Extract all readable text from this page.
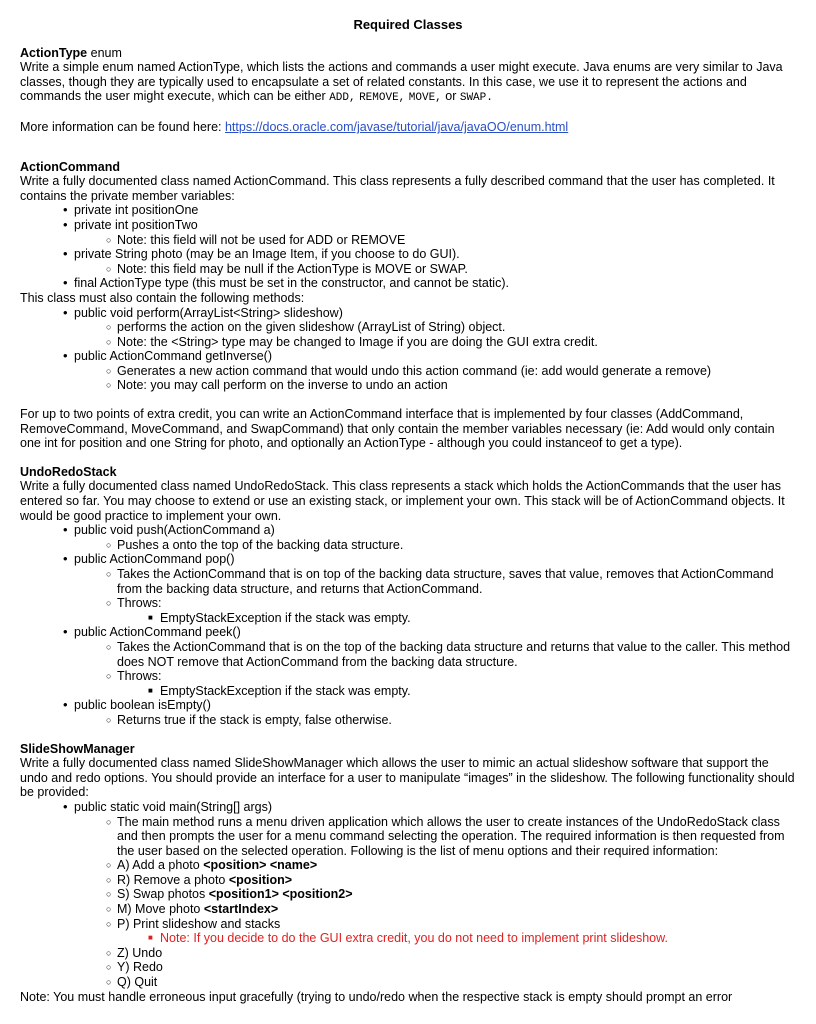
Required Classes

ActionType enum

Write a simple enum named ActionType, which lists the actions and commands a user might execute. Java enums are very similar to Java classes, though they are typically used to encapsulate a set of related constants. In this case, we use it to represent the actions and commands the user might execute, which can be either ADD, REMOVE, MOVE, or SWAP.

More information can be found here: https://docs.oracle.com/javase/tutorial/java/javaOO/enum.html

ActionCommand

Write a fully documented class named ActionCommand. This class represents a fully described command that the user has completed. It contains the private member variables:

• private int positionOne
• private int positionTwo
○ Note: this field will not be used for ADD or REMOVE
• private String photo (may be an Image Item, if you choose to do GUI).
○ Note: this field may be null if the ActionType is MOVE or SWAP.
• final ActionType type (this must be set in the constructor, and cannot be static).

This class must also contain the following methods:

• public void perform(ArrayList<String> slideshow)
○ performs the action on the given slideshow (ArrayList of String) object.
○ Note: the <String> type may be changed to Image if you are doing the GUI extra credit.
• public ActionCommand getInverse()
○ Generates a new action command that would undo this action command (ie: add would generate a remove)
○ Note: you may call perform on the inverse to undo an action

For up to two points of extra credit, you can write an ActionCommand interface that is implemented by four classes (AddCommand, RemoveCommand, MoveCommand, and SwapCommand) that only contain the member variables necessary (ie: Add would only contain one int for position and one String for photo, and optionally an ActionType - although you could instanceof to get a type).

UndoRedoStack

Write a fully documented class named UndoRedoStack. This class represents a stack which holds the ActionCommands that the user has entered so far. You may choose to extend or use an existing stack, or implement your own. This stack will be of ActionCommand objects. It would be good practice to implement your own.

• public void push(ActionCommand a)
○ Pushes a onto the top of the backing data structure.
• public ActionCommand pop()
○ Takes the ActionCommand that is on top of the backing data structure, saves that value, removes that ActionCommand from the backing data structure, and returns that ActionCommand.
○ Throws:
■ EmptyStackException if the stack was empty.
• public ActionCommand peek()
○ Takes the ActionCommand that is on the top of the backing data structure and returns that value to the caller. This method does NOT remove that ActionCommand from the backing data structure.
○ Throws:
■ EmptyStackException if the stack was empty.
• public boolean isEmpty()
○ Returns true if the stack is empty, false otherwise.

SlideShowManager

Write a fully documented class named SlideShowManager which allows the user to mimic an actual slideshow software that support the undo and redo options. You should provide an interface for a user to manipulate “images” in the slideshow. The following functionality should be provided:

• public static void main(String[] args)
○ The main method runs a menu driven application which allows the user to create instances of the UndoRedoStack class and then prompts the user for a menu command selecting the operation. The required information is then requested from the user based on the selected operation. Following is the list of menu options and their required information:
○ A) Add a photo <position> <name>
○ R) Remove a photo <position>
○ S) Swap photos <position1> <position2>
○ M) Move photo <startIndex>
○ P) Print slideshow and stacks
■ Note: If you decide to do the GUI extra credit, you do not need to implement print slideshow.
○ Z) Undo
○ Y) Redo
○ Q) Quit

Note: You must handle erroneous input gracefully (trying to undo/redo when the respective stack is empty should prompt an error
